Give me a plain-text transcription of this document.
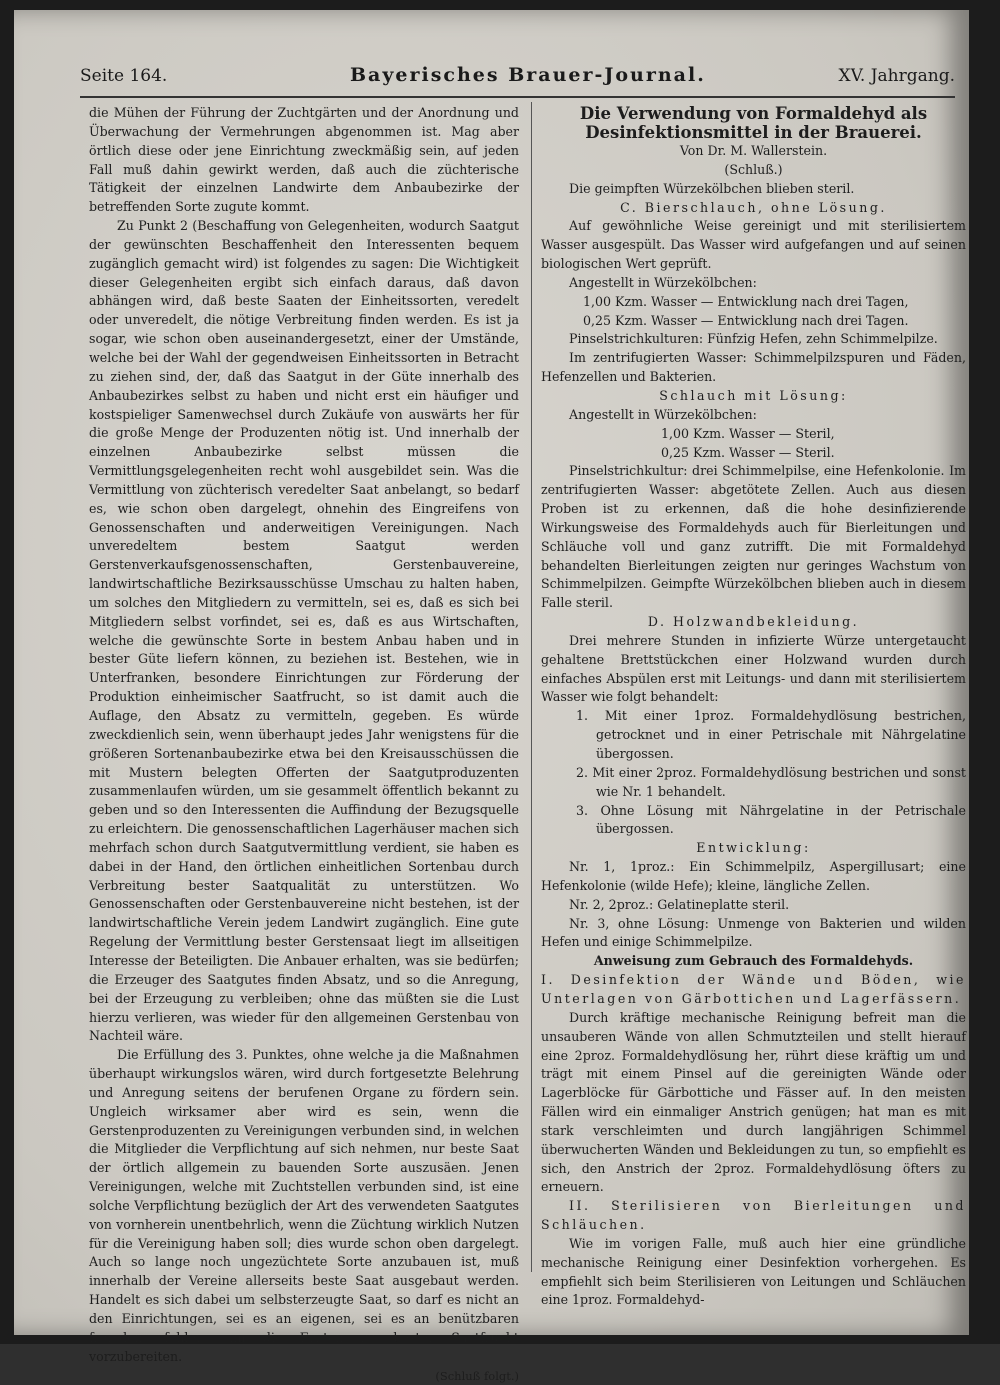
Seite 164.	Bayerisches Brauer-Journal.	XV. Jahrgang.

die Mühen der Führung der Zuchtgärten und der Anordnung und Überwachung der Vermehrungen abgenommen ist. Mag aber örtlich diese oder jene Einrichtung zweckmäßig sein, auf jeden Fall muß dahin gewirkt werden, daß auch die züchterische Tätigkeit der einzelnen Landwirte dem Anbaubezirke der betreffenden Sorte zugute kommt.

Zu Punkt 2 (Beschaffung von Gelegenheiten, wodurch Saatgut der gewünschten Beschaffenheit den Interessenten bequem zugänglich gemacht wird) ist folgendes zu sagen: Die Wichtigkeit dieser Gelegenheiten ergibt sich einfach daraus, daß davon abhängen wird, daß beste Saaten der Einheitssorten, veredelt oder unveredelt, die nötige Verbreitung finden werden. Es ist ja sogar, wie schon oben auseinandergesetzt, einer der Umstände, welche bei der Wahl der gegendweisen Einheitssorten in Betracht zu ziehen sind, der, daß das Saatgut in der Güte innerhalb des Anbaubezirkes selbst zu haben und nicht erst ein häufiger und kostspieliger Samenwechsel durch Zukäufe von auswärts her für die große Menge der Produzenten nötig ist. Und innerhalb der einzelnen Anbaubezirke selbst müssen die Vermittlungsgelegenheiten recht wohl ausgebildet sein. Was die Vermittlung von züchterisch veredelter Saat anbelangt, so bedarf es, wie schon oben dargelegt, ohnehin des Eingreifens von Genossenschaften und anderweitigen Vereinigungen. Nach unveredeltem bestem Saatgut werden Gerstenverkaufsgenossenschaften, Gerstenbauvereine, landwirtschaftliche Bezirksausschüsse Umschau zu halten haben, um solches den Mitgliedern zu vermitteln, sei es, daß es sich bei Mitgliedern selbst vorfindet, sei es, daß es aus Wirtschaften, welche die gewünschte Sorte in bestem Anbau haben und in bester Güte liefern können, zu beziehen ist. Bestehen, wie in Unterfranken, besondere Einrichtungen zur Förderung der Produktion einheimischer Saatfrucht, so ist damit auch die Auflage, den Absatz zu vermitteln, gegeben. Es würde zweckdienlich sein, wenn überhaupt jedes Jahr wenigstens für die größeren Sortenanbaubezirke etwa bei den Kreisausschüssen die mit Mustern belegten Offerten der Saatgutproduzenten zusammenlaufen würden, um sie gesammelt öffentlich bekannt zu geben und so den Interessenten die Auffindung der Bezugsquelle zu erleichtern. Die genossenschaftlichen Lagerhäuser machen sich mehrfach schon durch Saatgutvermittlung verdient, sie haben es dabei in der Hand, den örtlichen einheitlichen Sortenbau durch Verbreitung bester Saatqualität zu unterstützen. Wo Genossenschaften oder Gerstenbauvereine nicht bestehen, ist der landwirtschaftliche Verein jedem Landwirt zugänglich. Eine gute Regelung der Vermittlung bester Gerstensaat liegt im allseitigen Interesse der Beteiligten. Die Anbauer erhalten, was sie bedürfen; die Erzeuger des Saatgutes finden Absatz, und so die Anregung, bei der Erzeugung zu verbleiben; ohne das müßten sie die Lust hierzu verlieren, was wieder für den allgemeinen Gerstenbau von Nachteil wäre.

Die Erfüllung des 3. Punktes, ohne welche ja die Maßnahmen überhaupt wirkungslos wären, wird durch fortgesetzte Belehrung und Anregung seitens der berufenen Organe zu fördern sein. Ungleich wirksamer aber wird es sein, wenn die Gerstenproduzenten zu Vereinigungen verbunden sind, in welchen die Mitglieder die Verpflichtung auf sich nehmen, nur beste Saat der örtlich allgemein zu bauenden Sorte auszusäen. Jenen Vereinigungen, welche mit Zuchtstellen verbunden sind, ist eine solche Verpflichtung bezüglich der Art des verwendeten Saatgutes von vornherein unentbehrlich, wenn die Züchtung wirklich Nutzen für die Vereinigung haben soll; dies wurde schon oben dargelegt. Auch so lange noch ungezüchtete Sorte anzubauen ist, muß innerhalb der Vereine allerseits beste Saat ausgebaut werden. Handelt es sich dabei um selbsterzeugte Saat, so darf es nicht an den Einrichtungen, sei es an eigenen, sei es an benützbaren fremden, fehlen, um die Ernten zu bester Saatfrucht vorzubereiten.

(Schluß folgt.)

Die Verwendung von Formaldehyd als Desinfektionsmittel in der Brauerei.

Von Dr. M. Wallerstein.

(Schluß.)

Die geimpften Würzekölbchen blieben steril.

C. Bierschlauch, ohne Lösung.

Auf gewöhnliche Weise gereinigt und mit sterilisiertem Wasser ausgespült. Das Wasser wird aufgefangen und auf seinen biologischen Wert geprüft.

Angestellt in Würzekölbchen:

1,00 Kzm. Wasser — Entwicklung nach drei Tagen,

0,25 Kzm. Wasser — Entwicklung nach drei Tagen.

Pinselstrichkulturen: Fünfzig Hefen, zehn Schimmelpilze.

Im zentrifugierten Wasser: Schimmelpilzspuren und Fäden, Hefenzellen und Bakterien.

Schlauch mit Lösung:

Angestellt in Würzekölbchen:

1,00 Kzm. Wasser — Steril,

0,25 Kzm. Wasser — Steril.

Pinselstrichkultur: drei Schimmelpilse, eine Hefenkolonie. Im zentrifugierten Wasser: abgetötete Zellen. Auch aus diesen Proben ist zu erkennen, daß die hohe desinfizierende Wirkungsweise des Formaldehyds auch für Bierleitungen und Schläuche voll und ganz zutrifft. Die mit Formaldehyd behandelten Bierleitungen zeigten nur geringes Wachstum von Schimmelpilzen. Geimpfte Würzekölbchen blieben auch in diesem Falle steril.

D. Holzwandbekleidung.

Drei mehrere Stunden in infizierte Würze untergetaucht gehaltene Brettstückchen einer Holzwand wurden durch einfaches Abspülen erst mit Leitungs- und dann mit sterilisiertem Wasser wie folgt behandelt:

1. Mit einer 1proz. Formaldehydlösung bestrichen, getrocknet und in einer Petrischale mit Nährgelatine übergossen.

2. Mit einer 2proz. Formaldehydlösung bestrichen und sonst wie Nr. 1 behandelt.

3. Ohne Lösung mit Nährgelatine in der Petrischale übergossen.

Entwicklung:

Nr. 1, 1proz.: Ein Schimmelpilz, Aspergillusart; eine Hefenkolonie (wilde Hefe); kleine, längliche Zellen.

Nr. 2, 2proz.: Gelatineplatte steril.

Nr. 3, ohne Lösung: Unmenge von Bakterien und wilden Hefen und einige Schimmelpilze.

Anweisung zum Gebrauch des Formaldehyds.

I. Desinfektion der Wände und Böden, wie Unterlagen von Gärbottichen und Lagerfässern.

Durch kräftige mechanische Reinigung befreit man die unsauberen Wände von allen Schmutzteilen und stellt hierauf eine 2proz. Formaldehydlösung her, rührt diese kräftig um und trägt mit einem Pinsel auf die gereinigten Wände oder Lagerblöcke für Gärbottiche und Fässer auf. In den meisten Fällen wird ein einmaliger Anstrich genügen; hat man es mit stark verschleimten und durch langjährigen Schimmel überwucherten Wänden und Bekleidungen zu tun, so empfiehlt es sich, den Anstrich der 2proz. Formaldehydlösung öfters zu erneuern.

II. Sterilisieren von Bierleitungen und Schläuchen.

Wie im vorigen Falle, muß auch hier eine gründliche mechanische Reinigung einer Desinfektion vorhergehen. Es empfiehlt sich beim Sterilisieren von Leitungen und Schläuchen eine 1proz. Formaldehyd-
